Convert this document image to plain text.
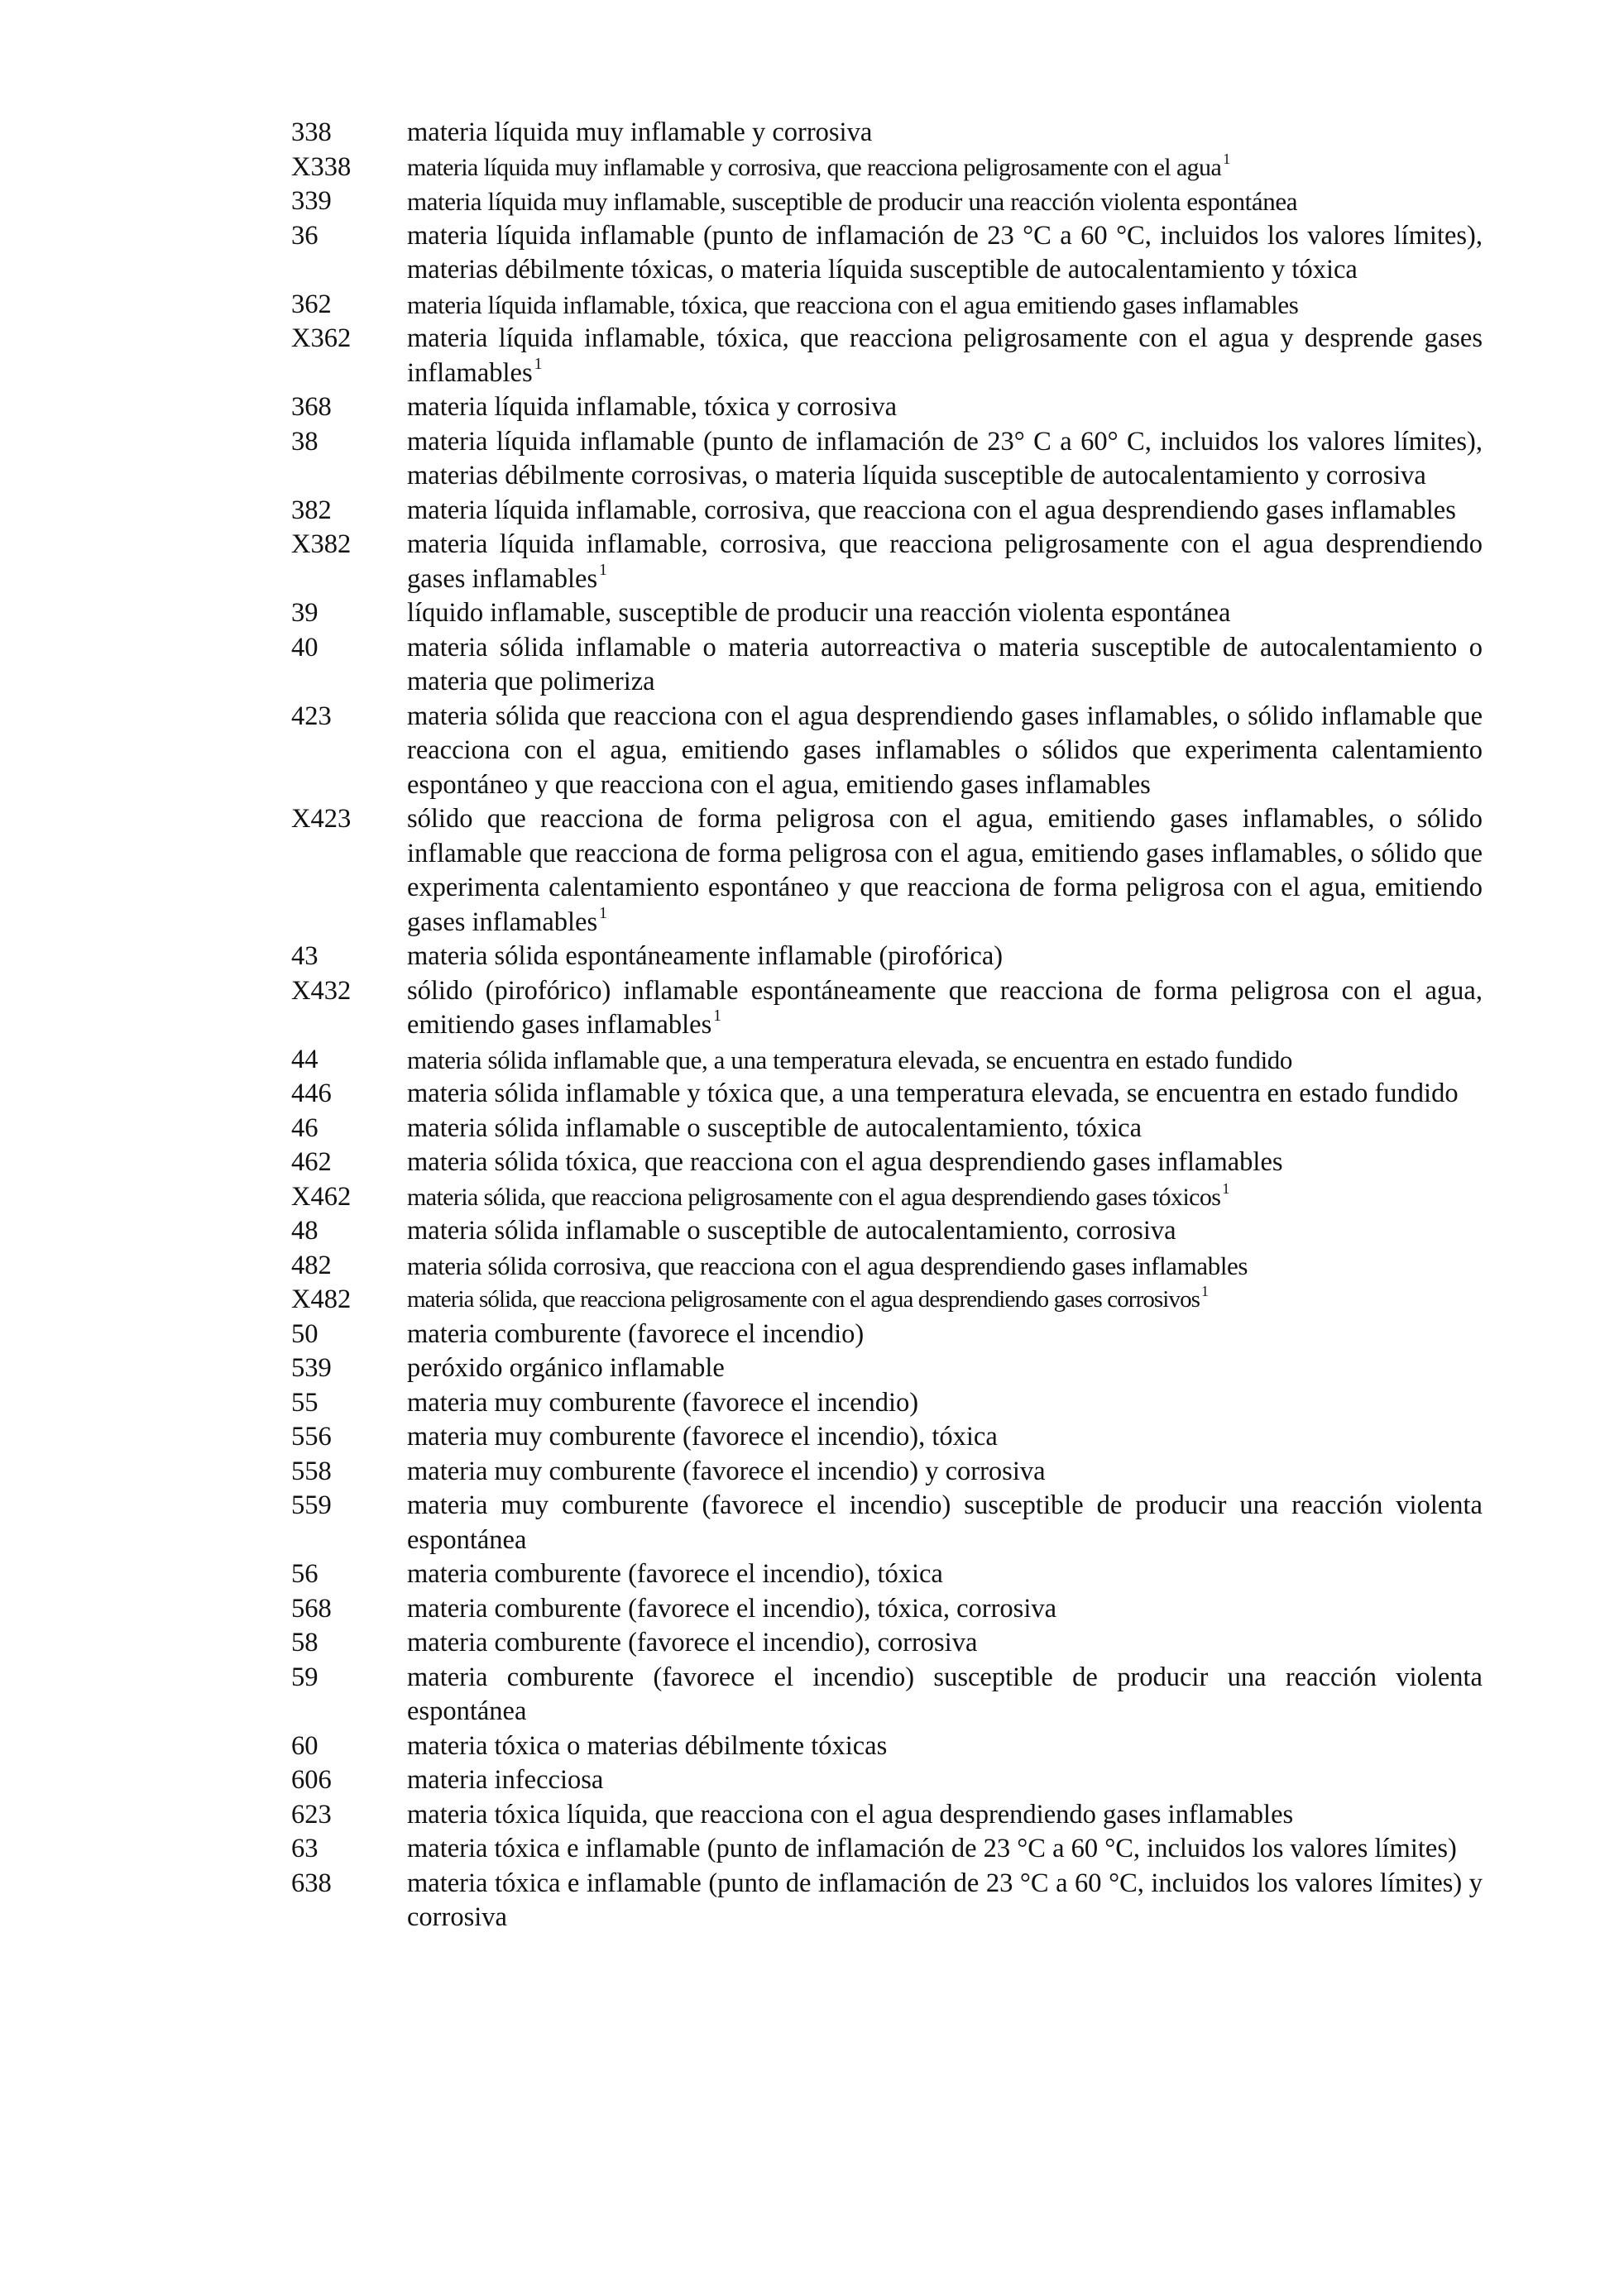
338	materia líquida muy inflamable y corrosiva
X338	materia líquida muy inflamable y corrosiva, que reacciona peligrosamente con el agua $^1$
339	materia líquida muy inflamable, susceptible de producir una reacción violenta espontánea
36	materia líquida inflamable (punto de inflamación de 23 °C a 60 °C, incluidos los valores límites), materias débilmente tóxicas, o materia líquida susceptible de autocalentamiento y tóxica
362	materia líquida inflamable, tóxica, que reacciona con el agua emitiendo gases inflamables
X362	materia líquida inflamable, tóxica, que reacciona peligrosamente con el agua y desprende gases inflamables $^1$
368	materia líquida inflamable, tóxica y corrosiva
38	materia líquida inflamable (punto de inflamación de 23° C a 60° C, incluidos los valores límites), materias débilmente corrosivas, o materia líquida susceptible de autocalentamiento y corrosiva
382	materia líquida inflamable, corrosiva, que reacciona con el agua desprendiendo gases inflamables
X382	materia líquida inflamable, corrosiva, que reacciona peligrosamente con el agua desprendiendo gases inflamables $^1$
39	líquido inflamable, susceptible de producir una reacción violenta espontánea
40	materia sólida inflamable o materia autorreactiva o materia susceptible de autocalentamiento o materia que polimeriza
423	materia sólida que reacciona con el agua desprendiendo gases inflamables, o sólido inflamable que reacciona con el agua, emitiendo gases inflamables o sólidos que experimenta calentamiento espontáneo y que reacciona con el agua, emitiendo gases inflamables
X423	sólido que reacciona de forma peligrosa con el agua, emitiendo gases inflamables, o sólido inflamable que reacciona de forma peligrosa con el agua, emitiendo gases inflamables, o sólido que experimenta calentamiento espontáneo y que reacciona de forma peligrosa con el agua, emitiendo gases inflamables $^1$
43	materia sólida espontáneamente inflamable (pirofórica)
X432	sólido (pirofórico) inflamable espontáneamente que reacciona de forma peligrosa con el agua, emitiendo gases inflamables $^1$
44	materia sólida inflamable que, a una temperatura elevada, se encuentra en estado fundido
446	materia sólida inflamable y tóxica que, a una temperatura elevada, se encuentra en estado fundido
46	materia sólida inflamable o susceptible de autocalentamiento, tóxica
462	materia sólida tóxica, que reacciona con el agua desprendiendo gases inflamables
X462	materia sólida, que reacciona peligrosamente con el agua desprendiendo gases tóxicos $^1$
48	materia sólida inflamable o susceptible de autocalentamiento, corrosiva
482	materia sólida corrosiva, que reacciona con el agua desprendiendo gases inflamables
X482	materia sólida, que reacciona peligrosamente con el agua desprendiendo gases corrosivos $^1$
50	materia comburente (favorece el incendio)
539	peróxido orgánico inflamable
55	materia muy comburente (favorece el incendio)
556	materia muy comburente (favorece el incendio), tóxica
558	materia muy comburente (favorece el incendio) y corrosiva
559	materia muy comburente (favorece el incendio) susceptible de producir una reacción violenta espontánea
56	materia comburente (favorece el incendio), tóxica
568	materia comburente (favorece el incendio), tóxica, corrosiva
58	materia comburente (favorece el incendio), corrosiva
59	materia comburente (favorece el incendio) susceptible de producir una reacción violenta espontánea
60	materia tóxica o materias débilmente tóxicas
606	materia infecciosa
623	materia tóxica líquida, que reacciona con el agua desprendiendo gases inflamables
63	materia tóxica e inflamable (punto de inflamación de 23 °C a 60 °C, incluidos los valores límites)
638	materia tóxica e inflamable (punto de inflamación de 23 °C a 60 °C, incluidos los valores límites) y corrosiva
